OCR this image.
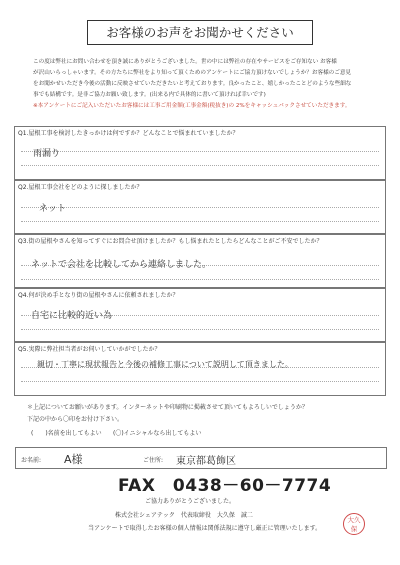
お客様のお声をお聞かせください
この度は弊社にお問い合わせを頂き誠にありがとうございました。世の中には弊社の存在やサービスをご存知ない お客様
が沢山いらっしゃいます。その方たちに弊社をより知って頂くためのアンケートにご協力頂けないでしょうか？お客様のご意見
をお聞かせいただき今後の活動に反映させていただきたいと考えております。良かったこと、嬉しかったことどのような些細な
事でも結構です。是非ご協力お願い致します。(出来る内で具体的に書いて頂ければ幸いです)
※本アンケートにご記入いただいたお客様には工事ご用金額(工事金額(税抜き)の 2%をキャッシュバックさせていただきます。
Q1.屋根工事を検討したきっかけは何ですか？どんなことで悩まれていましたか？
雨漏り
Q2.屋根工事会社をどのように探しましたか？
ネット
Q3.街の屋根やさんを知ってすぐにお問合せ頂けましたか？もし悩まれたとしたらどんなことがご不安でしたか？
ネットで会社を比較してから連絡しました。
Q4.何が決め手となり街の屋根やさんに依頼されましたか？
自宅に比較的近い為
Q5.実際に弊社担当者がお伺いしていかがでしたか？
親切・丁寧に現状報告と今後の補修工事について説明して頂きました。
＊上記についてお願いがあります。インターネットや印刷物に掲載させて頂いてもよろしいでしょうか？
下記の中から〇印をお付け下さい。
(　　)名前を出してもよい (〇)イニシャルなら出してもよい
お名前: A様	ご住所: 東京都葛飾区
FAX　0438－60－7774
ご協力ありがとうございました。
株式会社シェアテック　代表取締役　大久保　誠二
当アンケートで取得したお客様の個人情報は関係法規に遵守し厳正に管理いたします。
大久
保
